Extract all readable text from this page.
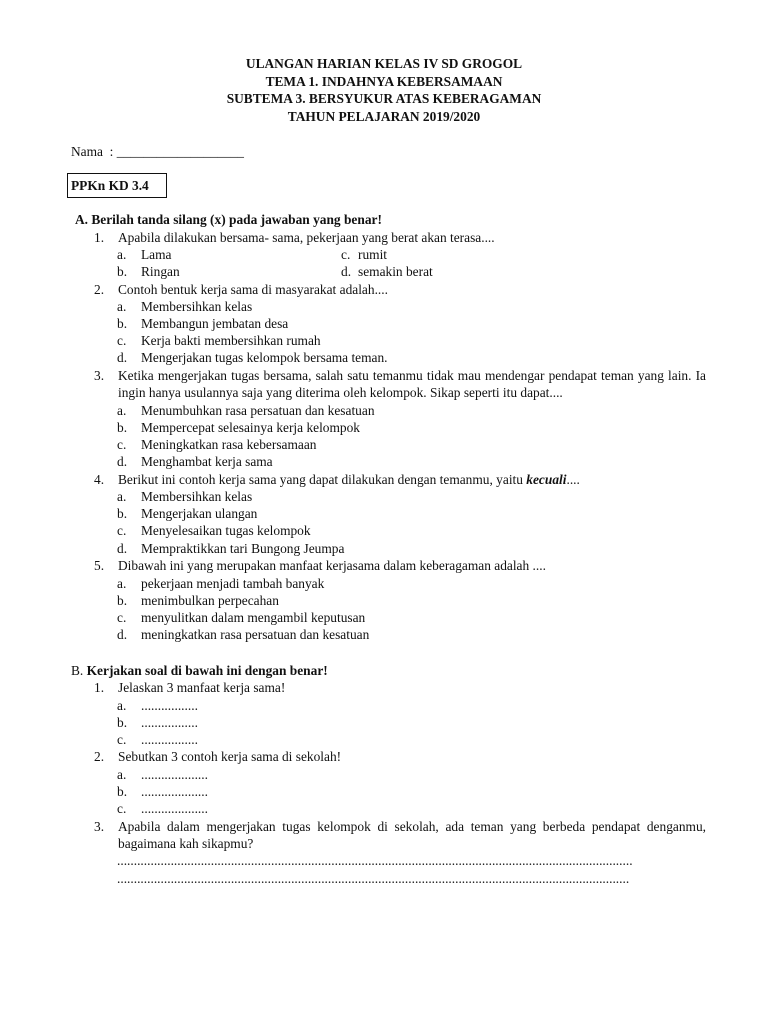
ULANGAN HARIAN KELAS IV SD GROGOL
TEMA 1. INDAHNYA KEBERSAMAAN
SUBTEMA 3. BERSYUKUR ATAS KEBERAGAMAN
TAHUN PELAJARAN 2019/2020
Nama  : ___________________
PPKn KD 3.4
A. Berilah tanda silang (x) pada jawaban yang benar!
1. Apabila dilakukan bersama- sama, pekerjaan yang berat akan terasa....
a. Lama	c. rumit
b. Ringan	d. semakin berat
2. Contoh bentuk kerja sama di masyarakat adalah....
a. Membersihkan kelas
b. Membangun jembatan desa
c. Kerja bakti membersihkan rumah
d. Mengerjakan tugas kelompok bersama teman.
3. Ketika mengerjakan tugas bersama, salah satu temanmu tidak mau mendengar pendapat teman yang lain. Ia ingin hanya usulannya saja yang diterima oleh kelompok. Sikap seperti itu dapat....
a. Menumbuhkan rasa persatuan dan kesatuan
b. Mempercepat selesainya kerja kelompok
c. Meningkatkan rasa kebersamaan
d. Menghambat kerja sama
4. Berikut ini contoh kerja sama yang dapat dilakukan dengan temanmu, yaitu kecuali....
a. Membersihkan kelas
b. Mengerjakan ulangan
c. Menyelesaikan tugas kelompok
d. Mempraktikkan tari Bungong Jeumpa
5. Dibawah ini yang merupakan manfaat kerjasama dalam keberagaman adalah ....
a. pekerjaan menjadi tambah banyak
b. menimbulkan perpecahan
c. menyulitkan dalam mengambil keputusan
d. meningkatkan rasa persatuan dan kesatuan
B. Kerjakan soal di bawah ini dengan benar!
1. Jelaskan 3 manfaat kerja sama!
a. .................
b. .................
c. .................
2. Sebutkan 3 contoh kerja sama di sekolah!
a. ....................
b. ....................
c. ....................
3. Apabila dalam mengerjakan tugas kelompok di sekolah, ada teman yang berbeda pendapat denganmu, bagaimana kah sikapmu?
..........................................................................................................................................................
.........................................................................................................................................................
